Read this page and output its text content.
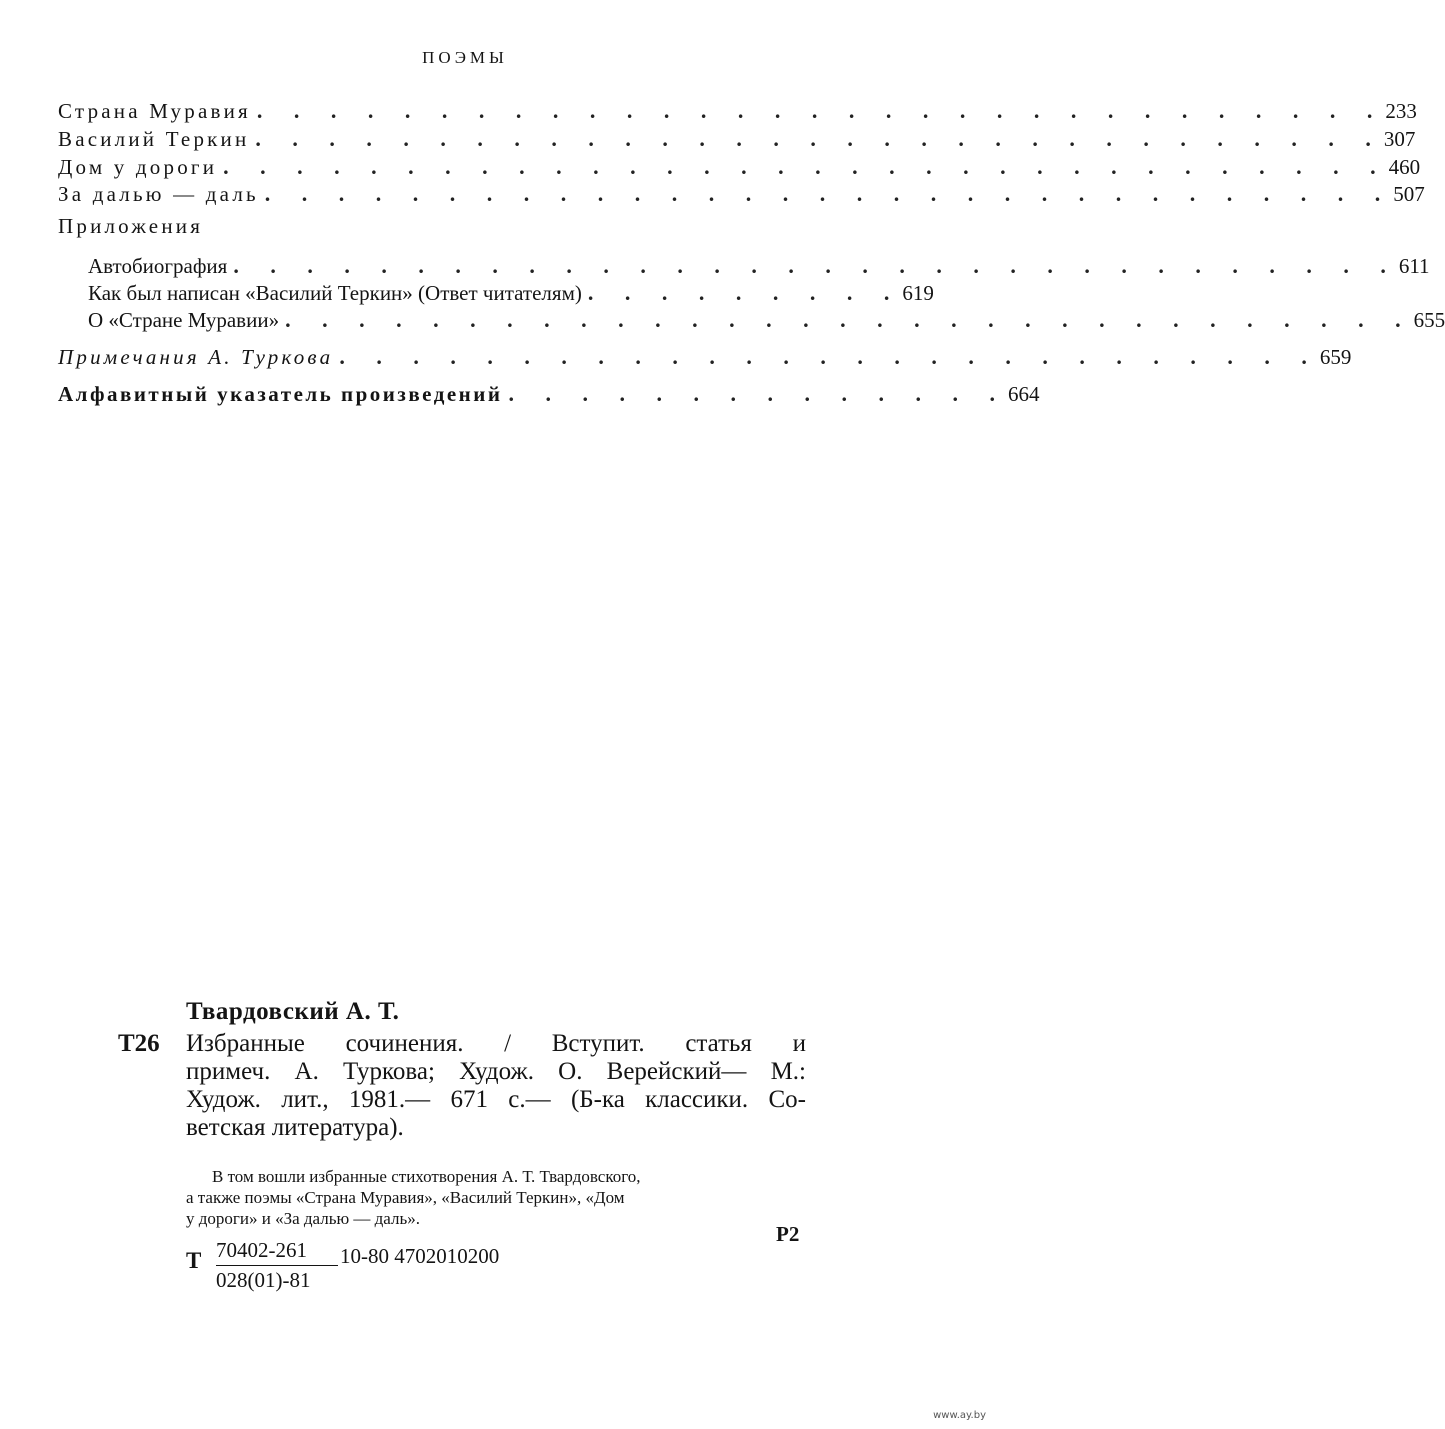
ПОЭМЫ
Страна Муравия . . . . . . . . . . . . . . . . . . . . . . . . . . . . . . . 233
Василий Теркин . . . . . . . . . . . . . . . . . . . . . . . . . . . . . . . 307
Дом у дороги . . . . . . . . . . . . . . . . . . . . . . . . . . . . . . . . 460
За далью — даль . . . . . . . . . . . . . . . . . . . . . . . . . . . . . . . 507
Приложения
Автобиография . . . . . . . . . . . . . . . . . . . . . . . . . . . . . . . . 611
Как был написан «Василий Теркин» (Ответ читателям) . . . . . . . . . 619
О «Стране Муравии» . . . . . . . . . . . . . . . . . . . . . . . . . . . . . . . 655
Примечания А. Туркова . . . . . . . . . . . . . . . . . . . . . . . . . . . 659
Алфавитный указатель произведений . . . . . . . . . . . . . . 664
Твардовский А. Т.
Т26 Избранные сочинения. / Вступит. статья и
примеч. А. Туркова; Худож. О. Верейский— М.:
Худож. лит., 1981.— 671 с.— (Б-ка классики. Со-
ветская литература).
В том вошли избранные стихотворения А. Т. Твардовского,
а также поэмы «Страна Муравия», «Василий Теркин», «Дом
у дороги» и «За далью — даль».
Т $\frac{70402-261}{028(01)-81} 10-80$ 4702010200
Р2
www.ay.by
